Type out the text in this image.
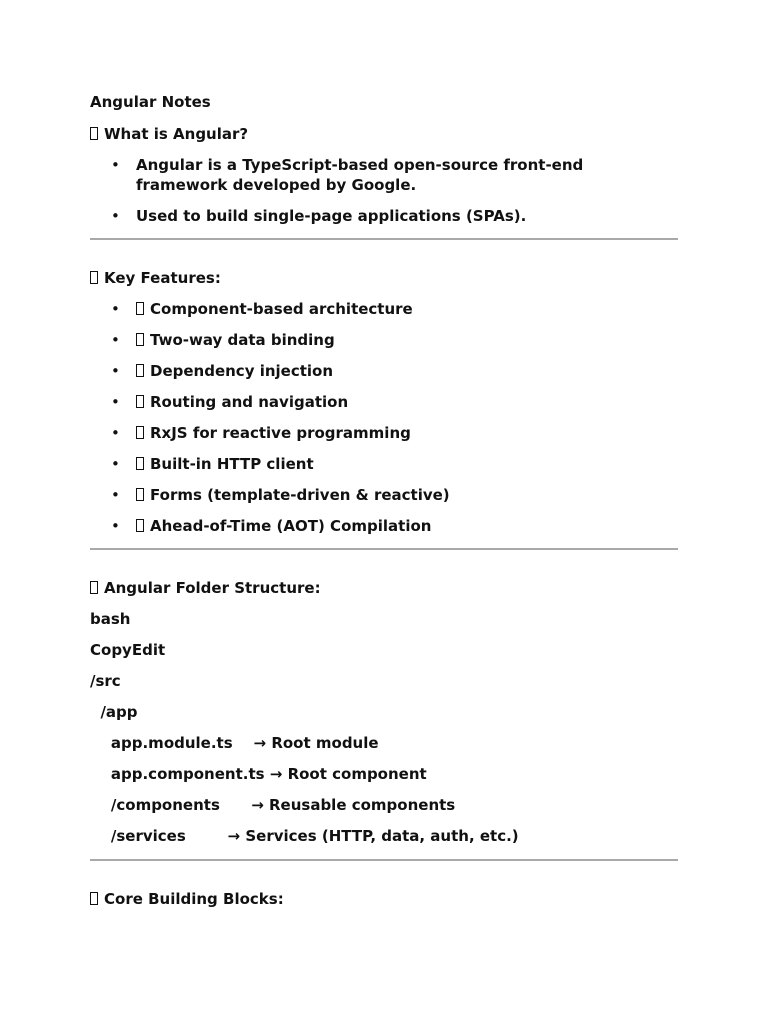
Angular Notes
What is Angular?
• Angular is a TypeScript-based open-source front-end framework developed by Google.
• Used to build single-page applications (SPAs).
Key Features:
• Component-based architecture
• Two-way data binding
• Dependency injection
• Routing and navigation
• RxJS for reactive programming
• Built-in HTTP client
• Forms (template-driven & reactive)
• Ahead-of-Time (AOT) Compilation
Angular Folder Structure:
bash
CopyEdit
/src
/app
app.module.ts    → Root module
app.component.ts → Root component
/components      → Reusable components
/services        → Services (HTTP, data, auth, etc.)
Core Building Blocks:
